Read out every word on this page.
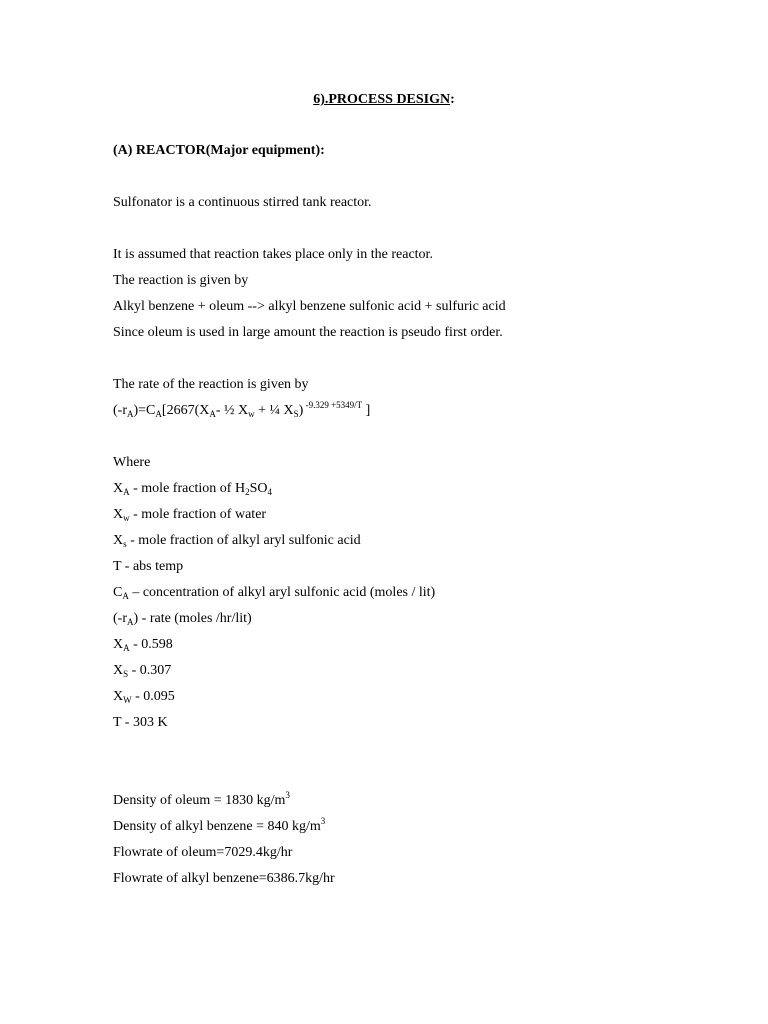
6).PROCESS DESIGN:
(A) REACTOR(Major equipment):
Sulfonator is a continuous stirred tank reactor.
It is assumed that reaction takes place only in the reactor.
The reaction is given by
Alkyl benzene + oleum --> alkyl benzene sulfonic acid + sulfuric acid
Since oleum is used in large amount the reaction is pseudo first order.
The rate of the reaction is given by
$(-r_A)=C_A[2667(X_A-$ ½ $X_w$ + ¼ $X_S$) $^{-9.329 +5349/T}$ ]
Where
$X_A$ - mole fraction of $H_2SO_4$
$X_w$ - mole fraction of water
$X_s$ - mole fraction of alkyl aryl sulfonic acid
T - abs temp
$C_A$ – concentration of alkyl aryl sulfonic acid (moles / lit)
$(-r_A)$ - rate (moles /hr/lit)
$X_A - 0.598$
$X_S - 0.307$
$X_W - 0.095$
T - 303 K
Density of oleum = 1830 $kg/m^3$
Density of alkyl benzene = 840 $kg/m^3$
Flowrate of oleum=7029.4kg/hr
Flowrate of alkyl benzene=6386.7kg/hr
